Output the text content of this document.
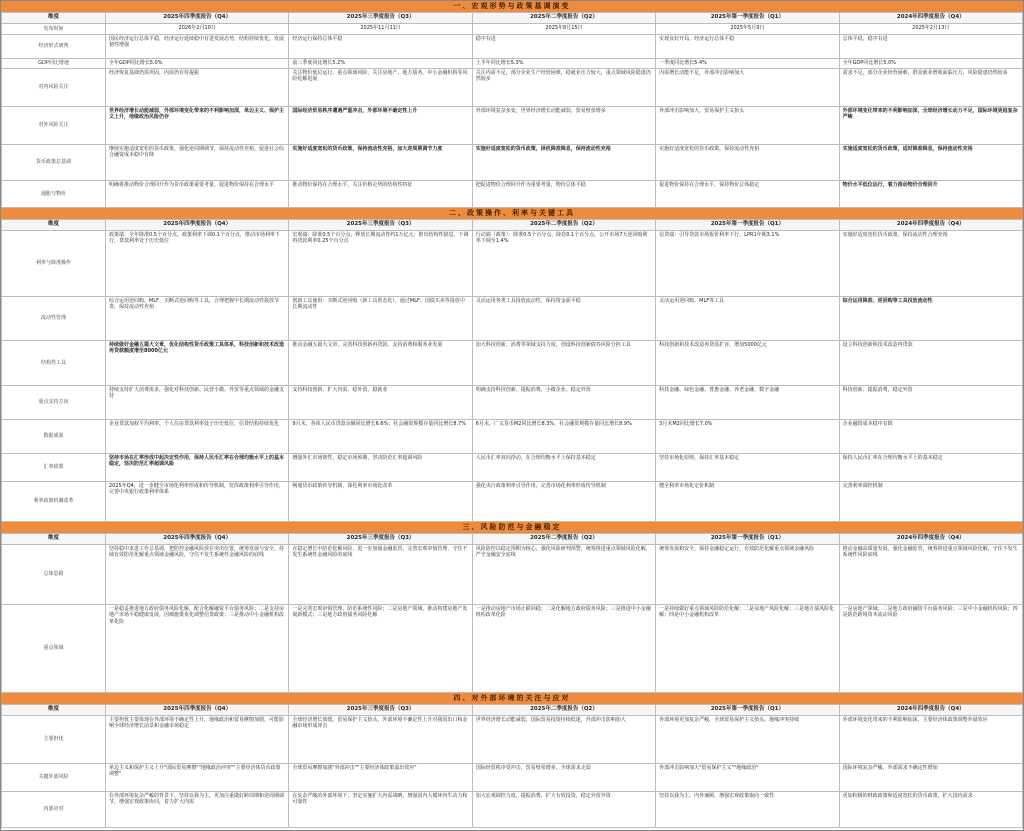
一、宏观形势与政策基调演变
维度	2025年四季度报告（Q4）	2025年三季度报告（Q3）	2025年二季度报告（Q2）	2025年第一季度报告（Q1）	2024年四季度报告（Q4）
发布时间	2026年2月10日	2025年11月11日	2025年8月15日	2025年5月9日	2025年2月13日
经济形式研判	国民经济运行总体平稳，经济运行延续稳中有进发展态势，结构持续优化，发展韧性增强	经济运行保持总体平稳	稳中有进	实现良好开局，经济运行总体平稳	总体平稳，稳中有进
GDP同比增速	全年GDP同比增长5.0%	前三季度同比增长5.2%	上半年同比增长5.3%	一季度同比增长5.4%	全年GDP同比增长5.0%
对内风险关注	经济恢复基础仍需巩固，内需仍有待提振	关注物价低位运行、重点领域风险，关注房地产、地方债务、中小金融机构等风险化解进展	关注内需不足，部分企业生产经营困难，稳就业压力较大，重点领域风险隐患仍然较多	内需增长动能不足，外部冲击影响加大	需求不足，部分企业经营困难，群众就业增收面临压力，风险隐患仍然较多
对外风险关注	世界经济增长动能减弱，外部环境变化带来的不利影响加深，单边主义、保护主义上升，地缘政治风险仍存	国际经济贸易秩序遭遇严重冲击，外部环境不确定性上升	外部环境复杂多变，世界经济增长动能减弱，贸易壁垒增多	外部冲击影响加大，贸易保护主义抬头	外部环境变化带来的不利影响加深，全球经济增长动力不足，国际环境更趋复杂严峻
货币政策总基调	继续实施适度宽松的货币政策，强化逆周期调节，保持流动性充裕，促进社会综合融资成本稳中有降	实施好适度宽松的货币政策，保持流动性充裕，加大逆周期调节力度	实施好适度宽松的货币政策，择机降准降息，保持流动性充裕	实施好适度宽松的货币政策，保持流动性充裕	实施适度宽松的货币政策，适时降准降息，保持流动性充裕
通胀与物价	明确将推动物价合理回升作为货币政策重要考量，促进物价保持在合理水平	推动物价保持在合理水平，关注价格走势的结构性特征	把促进物价合理回升作为重要考量，物价总体平稳	促进物价保持在合理水平，保持物价总体稳定	物价水平低位运行，着力推动物价合理回升
二、政策操作、利率与关键工具
维度	2025年四季度报告（Q4）	2025年三季度报告（Q3）	2025年二季度报告（Q2）	2025年第一季度报告（Q1）	2024年四季度报告（Q4）
利率与降准操作	政策端：全年降准0.5个百分点，政策利率下调0.1个百分点，推动市场利率下行，贷款利率处于历史低位	宏观端：降准0.5个百分点，释放长期流动性约1万亿元；推出结构性降息，下调再贷款利率0.25个百分点	行动端（政策）：降准0.5个百分点，降息0.1个百分点，公开市场7天逆回购利率下调至1.4%	信贷端：引导贷款市场报价利率下行，LPR1年期3.1%	实施好适度宽松货币政策，保持流动性合理充裕
流动性管理	综合运用逆回购、MLF、买断式逆回购等工具，合理把握中长期流动性投放节奏，保持流动性充裕	创新工具使用：买断式逆回购（新工具常态化），通过MLF、国债买卖等投放中长期流动性	灵活运用各类工具投放流动性，保持资金面平稳	灵活运用逆回购、MLF等工具	综合运用降准、逆回购等工具投放流动性
结构性工具	持续做好金融五篇大文章，优化结构性货币政策工具体系，科技创新和技术改造再贷款额度增至8000亿元	推动金融五篇大文章，完善科技创新再贷款，支持消费和服务业发展	加大科技创新、消费等领域支持力度，创设科技创新债券风险分担工具	科技创新和技术改造再贷款扩容，增加5000亿元	设立科技创新和技术改造再贷款
重点支持方向	持续支持扩大消费需求，强化对科技创新、民营小微、外贸等重点领域的金融支持	支持科技创新、扩大内需、稳外贸、稳就业	明确支持科技创新、提振消费、小微企业、稳定外贸	科技金融、绿色金融、普惠金融、养老金融、数字金融	科技创新、提振消费、稳定外贸
数据成果	企业贷款加权平均利率、个人住房贷款利率处于历史低位，信贷结构持续优化	9月末，各项人民币贷款余额同比增长6.6%；社会融资规模存量同比增长8.7%	6月末，广义货币M2同比增长8.3%，社会融资规模存量同比增长8.9%	3月末M2同比增长7.0%	企业融资成本稳中有降
汇率政策	坚持市场在汇率形成中起决定性作用，保持人民币汇率在合理均衡水平上的基本稳定，坚决防范汇率超调风险	增强外汇市场韧性，稳定市场预期，坚决防范汇率超调风险	人民币汇率双向浮动，在合理均衡水平上保持基本稳定	坚持市场化原则，保持汇率基本稳定	保持人民币汇率在合理均衡水平上的基本稳定
利率政策机制改革	2025年Q4，进一步健全市场化利率形成和传导机制，发挥政策利率引导作用，完善中央银行政策利率体系	畅通货币政策传导机制，深化利率市场化改革	强化央行政策利率引导作用，完善市场化利率形成传导机制	健全利率市场化定价机制	完善利率调控机制
三、风险防范与金融稳定
维度	2025年四季度报告（Q4）	2025年三季度报告（Q3）	2025年二季度报告（Q2）	2025年第一季度报告（Q1）	2024年四季度报告（Q4）
总体思路	坚持稳中求进工作总基调，把防控金融风险放在突出位置，统筹发展与安全，持续有效防范化解重点领域金融风险，守住不发生系统性金融风险的底线	在稳定增长中防范化解风险，进一步加强金融监管，完善宏观审慎管理，守住不发生系统性金融风险的底线	风险防控以稳定预期为核心，强化风险研判预警，统筹推进重点领域风险化解，严守金融安全底线	统筹发展和安全，保持金融稳定运行，有效防范化解重点领域金融风险	推动金融高质量发展，强化金融监管，统筹推进重点领域风险化解，守住不发生系统性风险底线
重点领域	一是稳妥推进地方政府债务风险化解，配合化解融资平台债务风险；二是支持房地产市场平稳健康发展，因城施策优化调整信贷政策；三是推动中小金融机构改革化险	一是完善宏观审慎管理，防范系统性风险；二是房地产领域，推动构建房地产发展新模式；三是地方政府债务风险化解	一是推动房地产市场止跌回稳；二是化解地方政府债务风险；三是推进中小金融机构改革化险	一是持续做好重点领域风险防范化解；二是房地产风险化解；三是地方债风险化解；四是中小金融机构改革	一是房地产领域；二是地方政府融资平台债务风险；三是中小金融机构风险；四是防范跨境资本流动风险
四、对外部环境的关注与应对
维度	2025年四季度报告（Q4）	2025年三季度报告（Q3）	2025年二季度报告（Q2）	2025年第一季度报告（Q1）	2024年四季度报告（Q4）
主要担忧	主要担忧主要体现在外部环境不确定性上升，地缘政治和贸易摩擦加剧，可能影响全球经济增长前景和金融市场稳定	全球经济增长放缓，贸易保护主义抬头，外部环境不确定性上升对我国出口和金融市场形成冲击	世界经济增长动能减弱，国际贸易投资持续低迷，外部冲击影响加大	外部环境更加复杂严峻，全球贸易保护主义抬头，地缘冲突持续	外部环境变化带来的不利影响加深，主要经济体政策调整外溢效应
关键外部风险	单边主义和保护主义上升"国际贸易摩擦""地缘政治冲突""主要经济体货币政策调整"	全球贸易摩擦加剧"外部冲击""主要经济体政策溢出效应"	国际经贸秩序受冲击，贸易壁垒增多，全球需求走弱	外部冲击影响加大"贸易保护主义""地缘政治"	国际环境复杂严峻，外部需求不确定性增加
内部应对	在外部环境复杂严峻的背景下，坚持以我为主，更加注重做好跨周期和逆周期调节，增强宏观政策协同，着力扩大内需	在复杂严峻的外部环境下，坚定实施扩大内需战略，增强国内大循环内生动力和可靠性	加大宏观调控力度，提振消费，扩大有效投资，稳定外贸外资	坚持以我为主、内外兼顾，增强宏观政策取向一致性	更加积极的财政政策和适度宽松的货币政策，扩大国内需求
